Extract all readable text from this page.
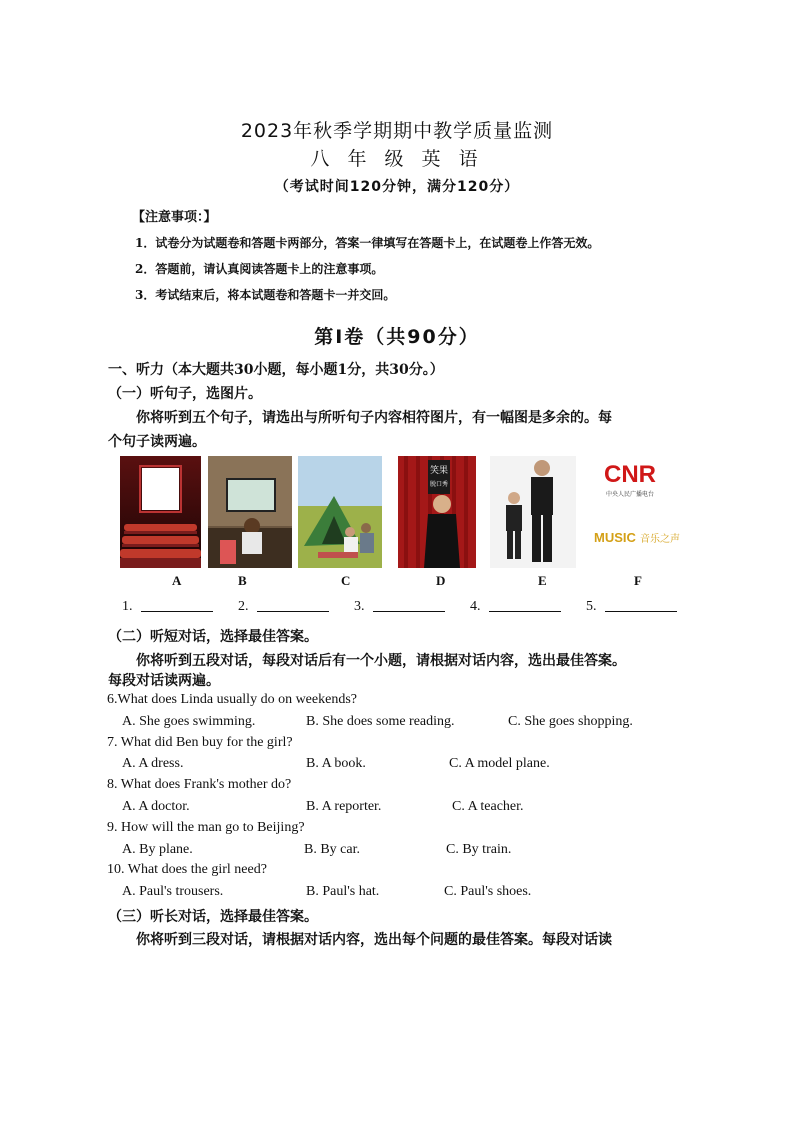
2023年秋季学期期中教学质量监测
八 年 级 英 语
（考试时间120分钟，满分120分）
【注意事项：】
1．试卷分为试题卷和答题卡两部分，答案一律填写在答题卡上，在试题卷上作答无效。
2．答题前，请认真阅读答题卡上的注意事项。
3．考试结束后，将本试题卷和答题卡一并交回。
第Ⅰ卷（共90分）
一、听力（本大题共30小题，每小题1分，共30分。）
（一）听句子，选图片。
你将听到五个句子，请选出与所听句子内容相符图片，有一幅图是多余的。每
个句子读两遍。
笑果
脱口秀	CNR
中央人民广播电台
MUSIC 音乐之声
A	B	C	D	E	F
1.	2.	3.	4.	5.
（二）听短对话，选择最佳答案。
你将听到五段对话，每段对话后有一个小题，请根据对话内容，选出最佳答案。
每段对话读两遍。
6.What does Linda usually do on weekends?
A. She goes swimming.	B. She does some reading.	C. She goes shopping.
7. What did Ben buy for the girl?
A. A dress.	B. A book.	C. A model plane.
8. What does Frank's mother do?
A. A doctor.	B. A reporter.	C. A teacher.
9. How will the man go to Beijing?
A. By plane.	B. By car.	C. By train.
10. What does the girl need?
A. Paul's trousers.	B. Paul's hat.	C. Paul's shoes.
（三）听长对话，选择最佳答案。
你将听到三段对话，请根据对话内容，选出每个问题的最佳答案。每段对话读
